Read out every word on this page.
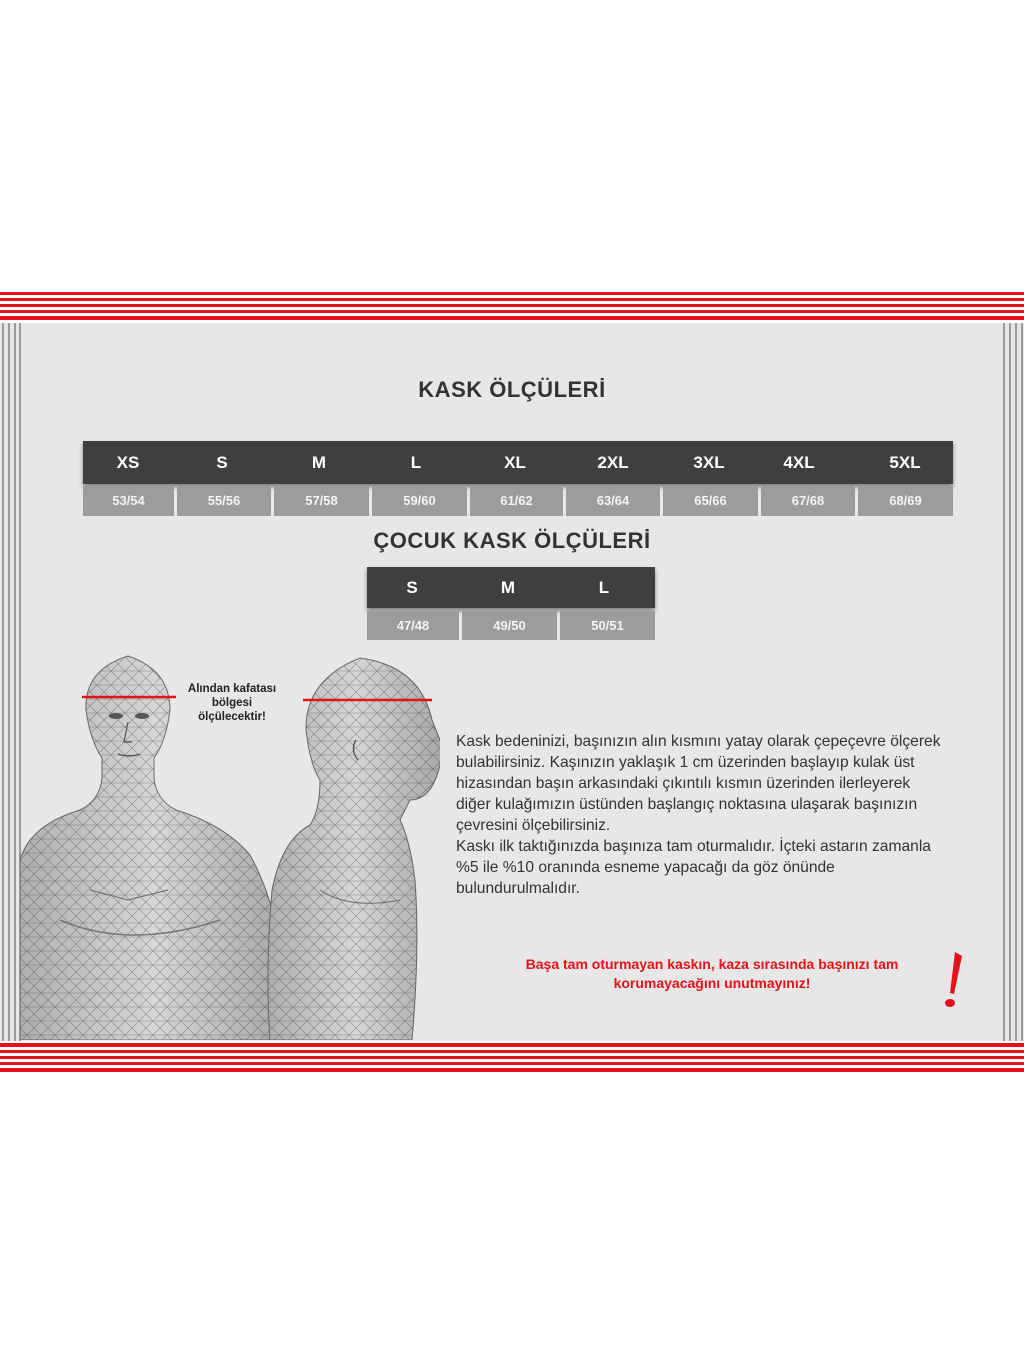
KASK ÖLÇÜLERİ
XS	S	M	L	XL	2XL	3XL	4XL	5XL
53/54	55/56	57/58	59/60	61/62	63/64	65/66	67/68	68/69
ÇOCUK KASK ÖLÇÜLERİ
S	M	L
47/48	49/50	50/51
Alından kafatası
bölgesi
ölçülecektir!
Kask bedeninizi, başınızın alın kısmını yatay olarak çepeçevre ölçerek
bulabilirsiniz. Kaşınızın yaklaşık 1 cm üzerinden başlayıp kulak üst
hizasından başın arkasındaki çıkıntılı kısmın üzerinden ilerleyerek
diğer kulağımızın üstünden başlangıç noktasına ulaşarak başınızın
çevresini ölçebilirsiniz.
Kaskı ilk taktığınızda başınıza tam oturmalıdır. İçteki astarın zamanla
%5 ile %10 oranında esneme yapacağı da göz önünde
bulundurulmalıdır.
Başa tam oturmayan kaskın, kaza sırasında başınızı tam
korumayacağını unutmayınız!
